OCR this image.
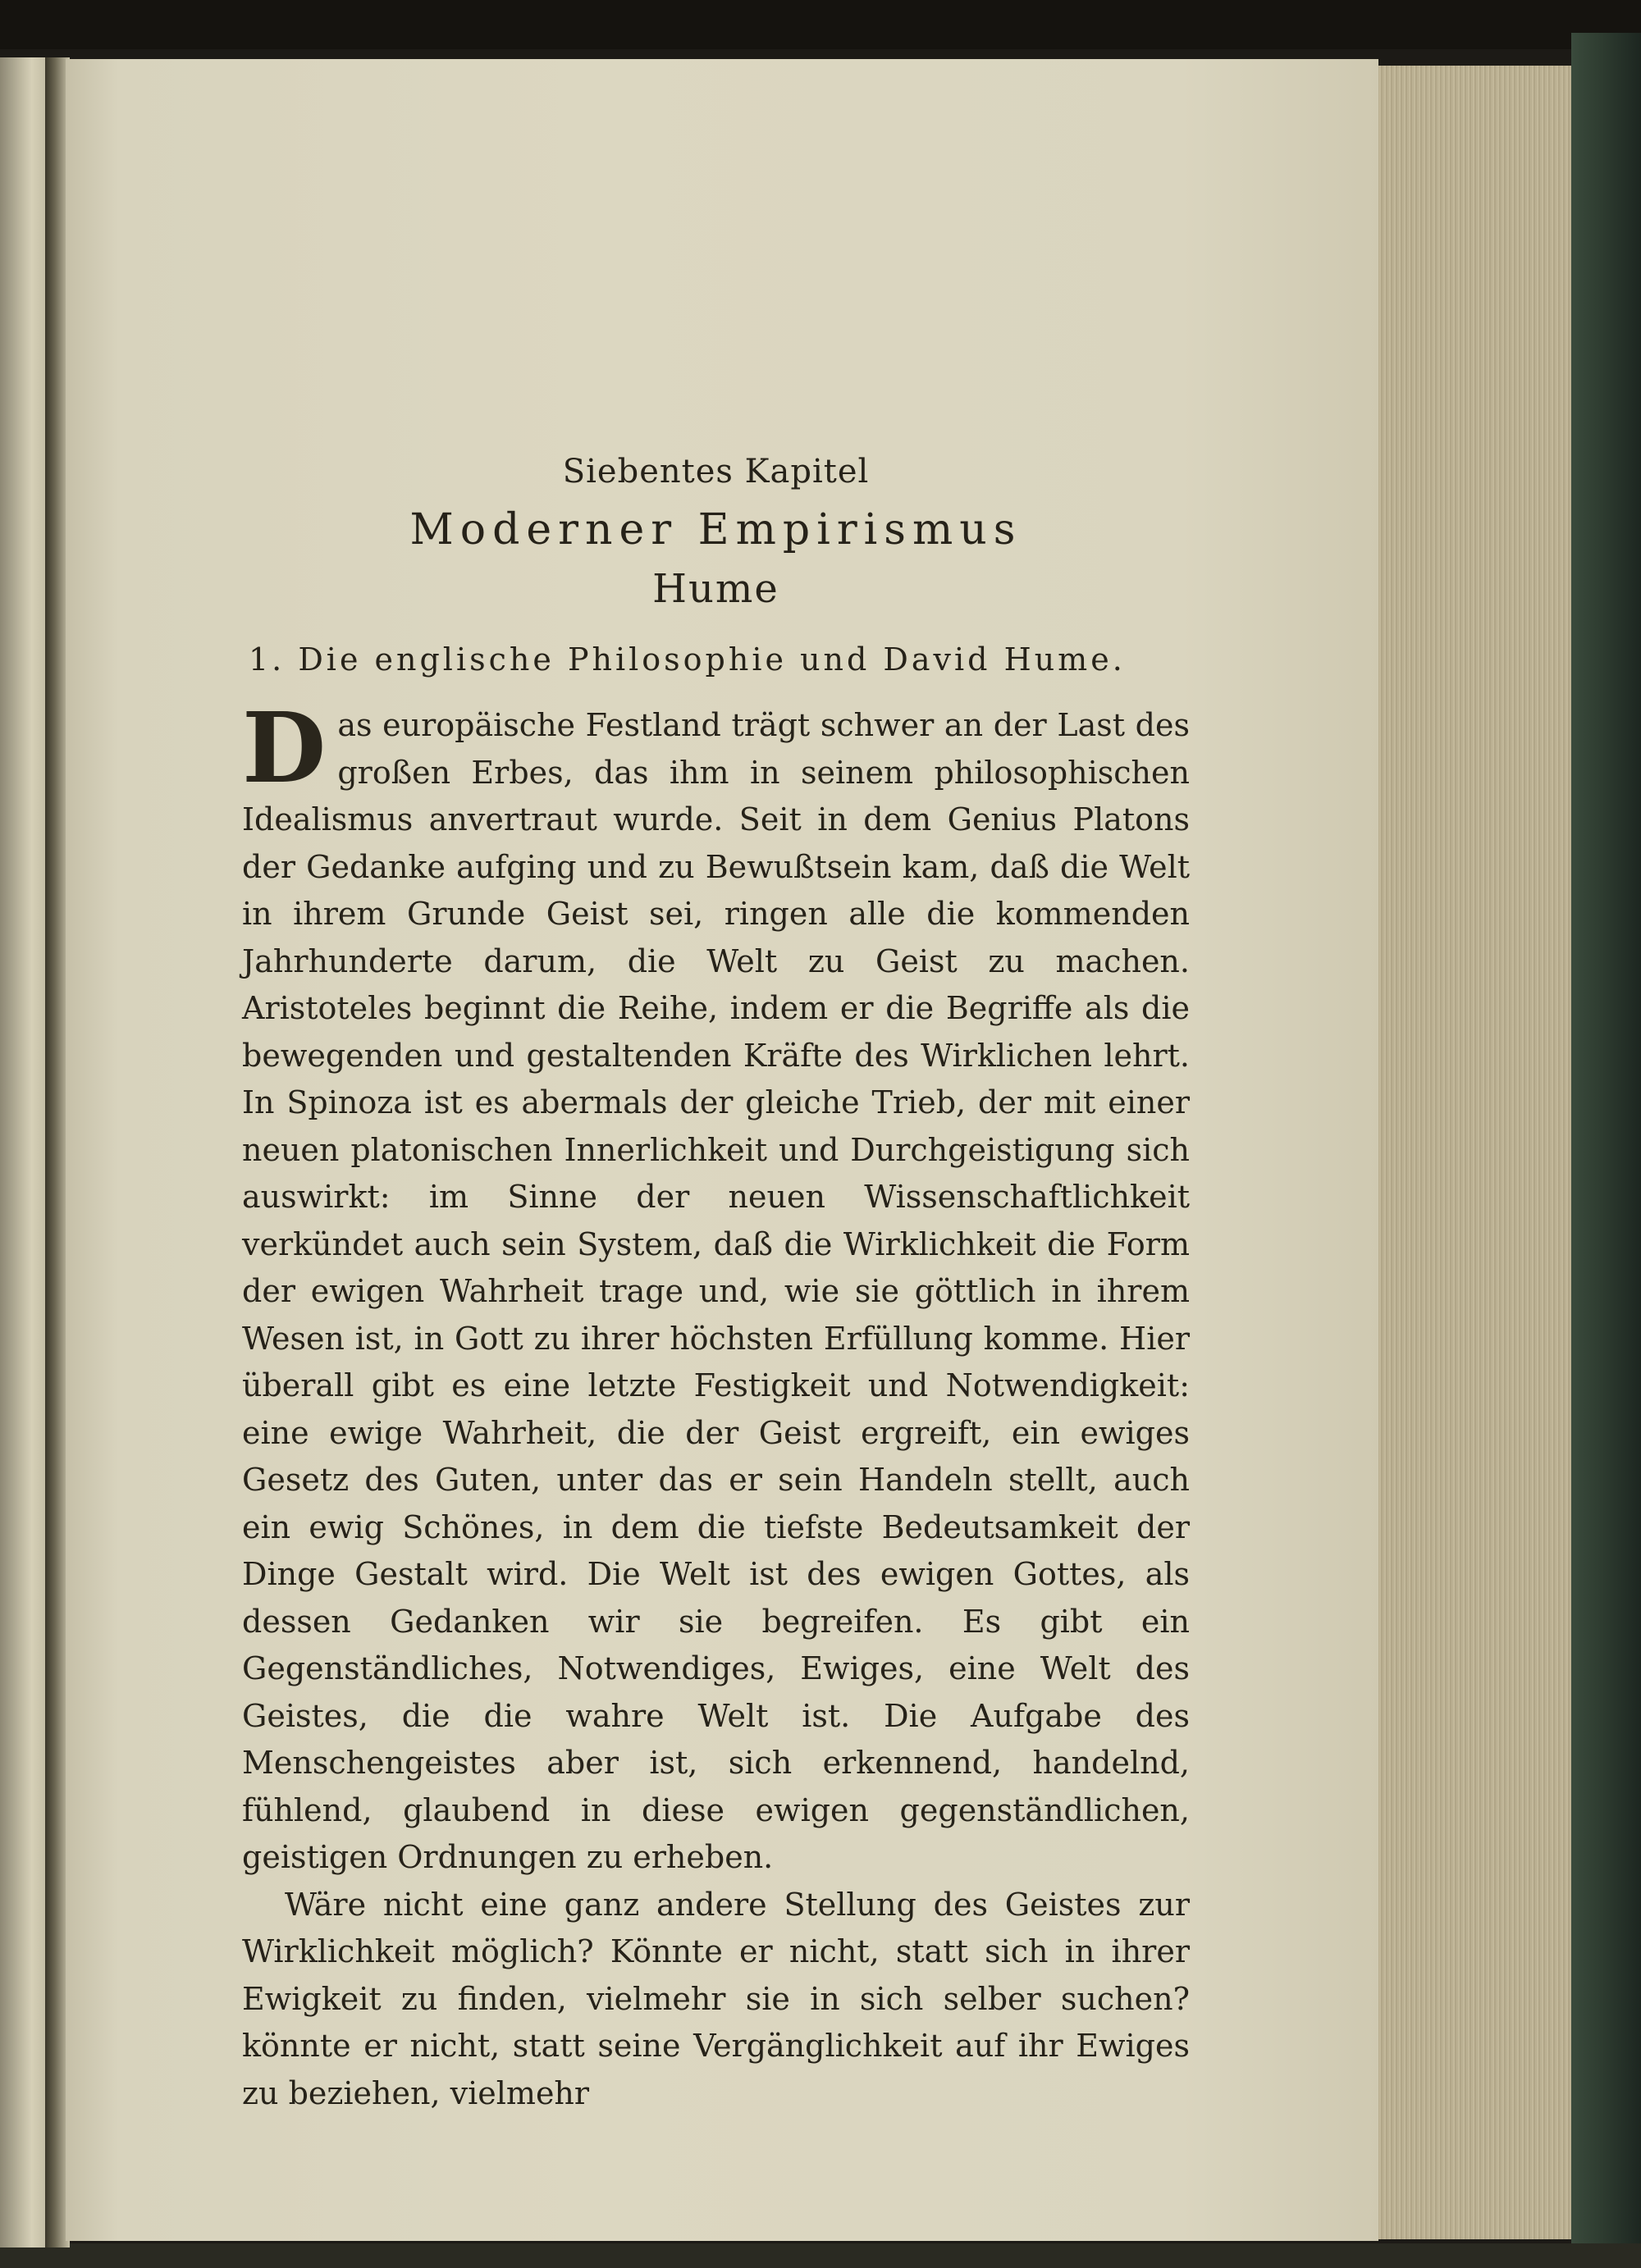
Siebentes Kapitel
Moderner Empirismus
Hume
1. Die englische Philosophie und David Hume.

Das europäische Festland trägt schwer an der Last des großen Erbes, das ihm in seinem philosophischen Idealismus anvertraut wurde. Seit in dem Genius Platons der Gedanke aufging und zu Bewußtsein kam, daß die Welt in ihrem Grunde Geist sei, ringen alle die kommenden Jahrhunderte darum, die Welt zu Geist zu machen. Aristoteles beginnt die Reihe, indem er die Begriffe als die bewegenden und gestaltenden Kräfte des Wirklichen lehrt. In Spinoza ist es abermals der gleiche Trieb, der mit einer neuen platonischen Innerlichkeit und Durchgeistigung sich auswirkt: im Sinne der neuen Wissenschaftlichkeit verkündet auch sein System, daß die Wirklichkeit die Form der ewigen Wahrheit trage und, wie sie göttlich in ihrem Wesen ist, in Gott zu ihrer höchsten Erfüllung komme. Hier überall gibt es eine letzte Festigkeit und Notwendigkeit: eine ewige Wahrheit, die der Geist ergreift, ein ewiges Gesetz des Guten, unter das er sein Handeln stellt, auch ein ewig Schönes, in dem die tiefste Bedeutsamkeit der Dinge Gestalt wird. Die Welt ist des ewigen Gottes, als dessen Gedanken wir sie begreifen. Es gibt ein Gegenständliches, Notwendiges, Ewiges, eine Welt des Geistes, die die wahre Welt ist. Die Aufgabe des Menschengeistes aber ist, sich erkennend, handelnd, fühlend, glaubend in diese ewigen gegenständlichen, geistigen Ordnungen zu erheben.

Wäre nicht eine ganz andere Stellung des Geistes zur Wirklichkeit möglich? Könnte er nicht, statt sich in ihrer Ewigkeit zu finden, vielmehr sie in sich selber suchen? könnte er nicht, statt seine Vergänglichkeit auf ihr Ewiges zu beziehen, vielmehr
